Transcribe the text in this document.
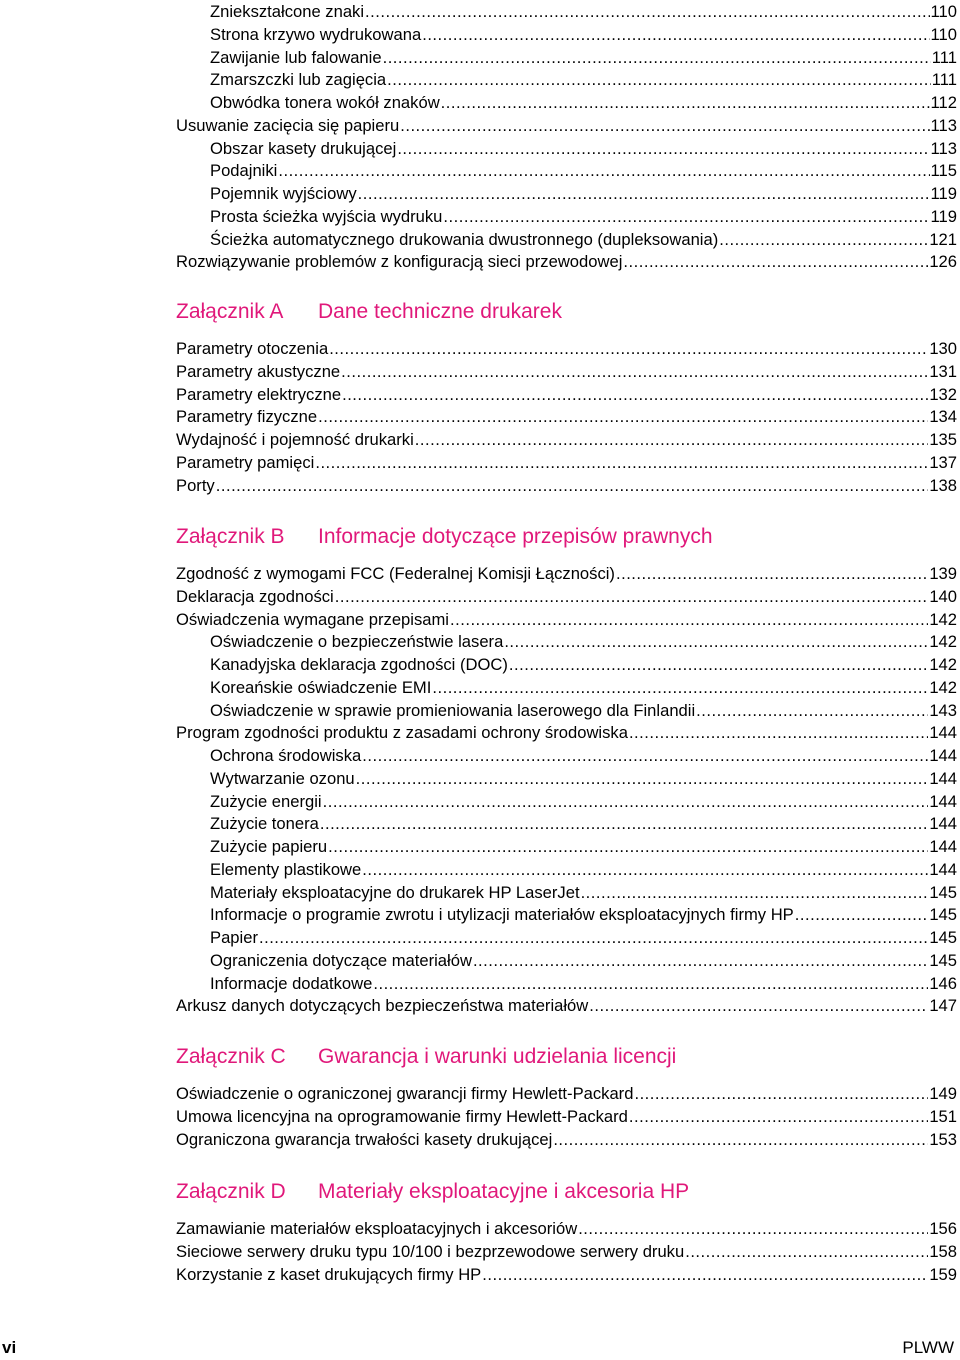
Zniekształcone znaki .....	110
Strona krzywo wydrukowana .....	110
Zawijanie lub falowanie .....	111
Zmarszczki lub zagięcia .....	111
Obwódka tonera wokół znaków .....	112
Usuwanie zacięcia się papieru .....	113
Obszar kasety drukującej .....	113
Podajniki .....	115
Pojemnik wyjściowy .....	119
Prosta ścieżka wyjścia wydruku .....	119
Ścieżka automatycznego drukowania dwustronnego (dupleksowania) .....	121
Rozwiązywanie problemów z konfiguracją sieci przewodowej .....	126
Załącznik A Dane techniczne drukarek
Parametry otoczenia .....	130
Parametry akustyczne .....	131
Parametry elektryczne .....	132
Parametry fizyczne .....	134
Wydajność i pojemność drukarki .....	135
Parametry pamięci .....	137
Porty .....	138
Załącznik B Informacje dotyczące przepisów prawnych
Zgodność z wymogami FCC (Federalnej Komisji Łączności) .....	139
Deklaracja zgodności .....	140
Oświadczenia wymagane przepisami .....	142
Oświadczenie o bezpieczeństwie lasera .....	142
Kanadyjska deklaracja zgodności (DOC) .....	142
Koreańskie oświadczenie EMI .....	142
Oświadczenie w sprawie promieniowania laserowego dla Finlandii .....	143
Program zgodności produktu z zasadami ochrony środowiska .....	144
Ochrona środowiska .....	144
Wytwarzanie ozonu .....	144
Zużycie energii .....	144
Zużycie tonera .....	144
Zużycie papieru .....	144
Elementy plastikowe .....	144
Materiały eksploatacyjne do drukarek HP LaserJet .....	145
Informacje o programie zwrotu i utylizacji materiałów eksploatacyjnych firmy HP .....	145
Papier .....	145
Ograniczenia dotyczące materiałów .....	145
Informacje dodatkowe .....	146
Arkusz danych dotyczących bezpieczeństwa materiałów .....	147
Załącznik C Gwarancja i warunki udzielania licencji
Oświadczenie o ograniczonej gwarancji firmy Hewlett-Packard .....	149
Umowa licencyjna na oprogramowanie firmy Hewlett-Packard .....	151
Ograniczona gwarancja trwałości kasety drukującej .....	153
Załącznik D Materiały eksploatacyjne i akcesoria HP
Zamawianie materiałów eksploatacyjnych i akcesoriów .....	156
Sieciowe serwery druku typu 10/100 i bezprzewodowe serwery druku .....	158
Korzystanie z kaset drukujących firmy HP .....	159
vi	PLWW
